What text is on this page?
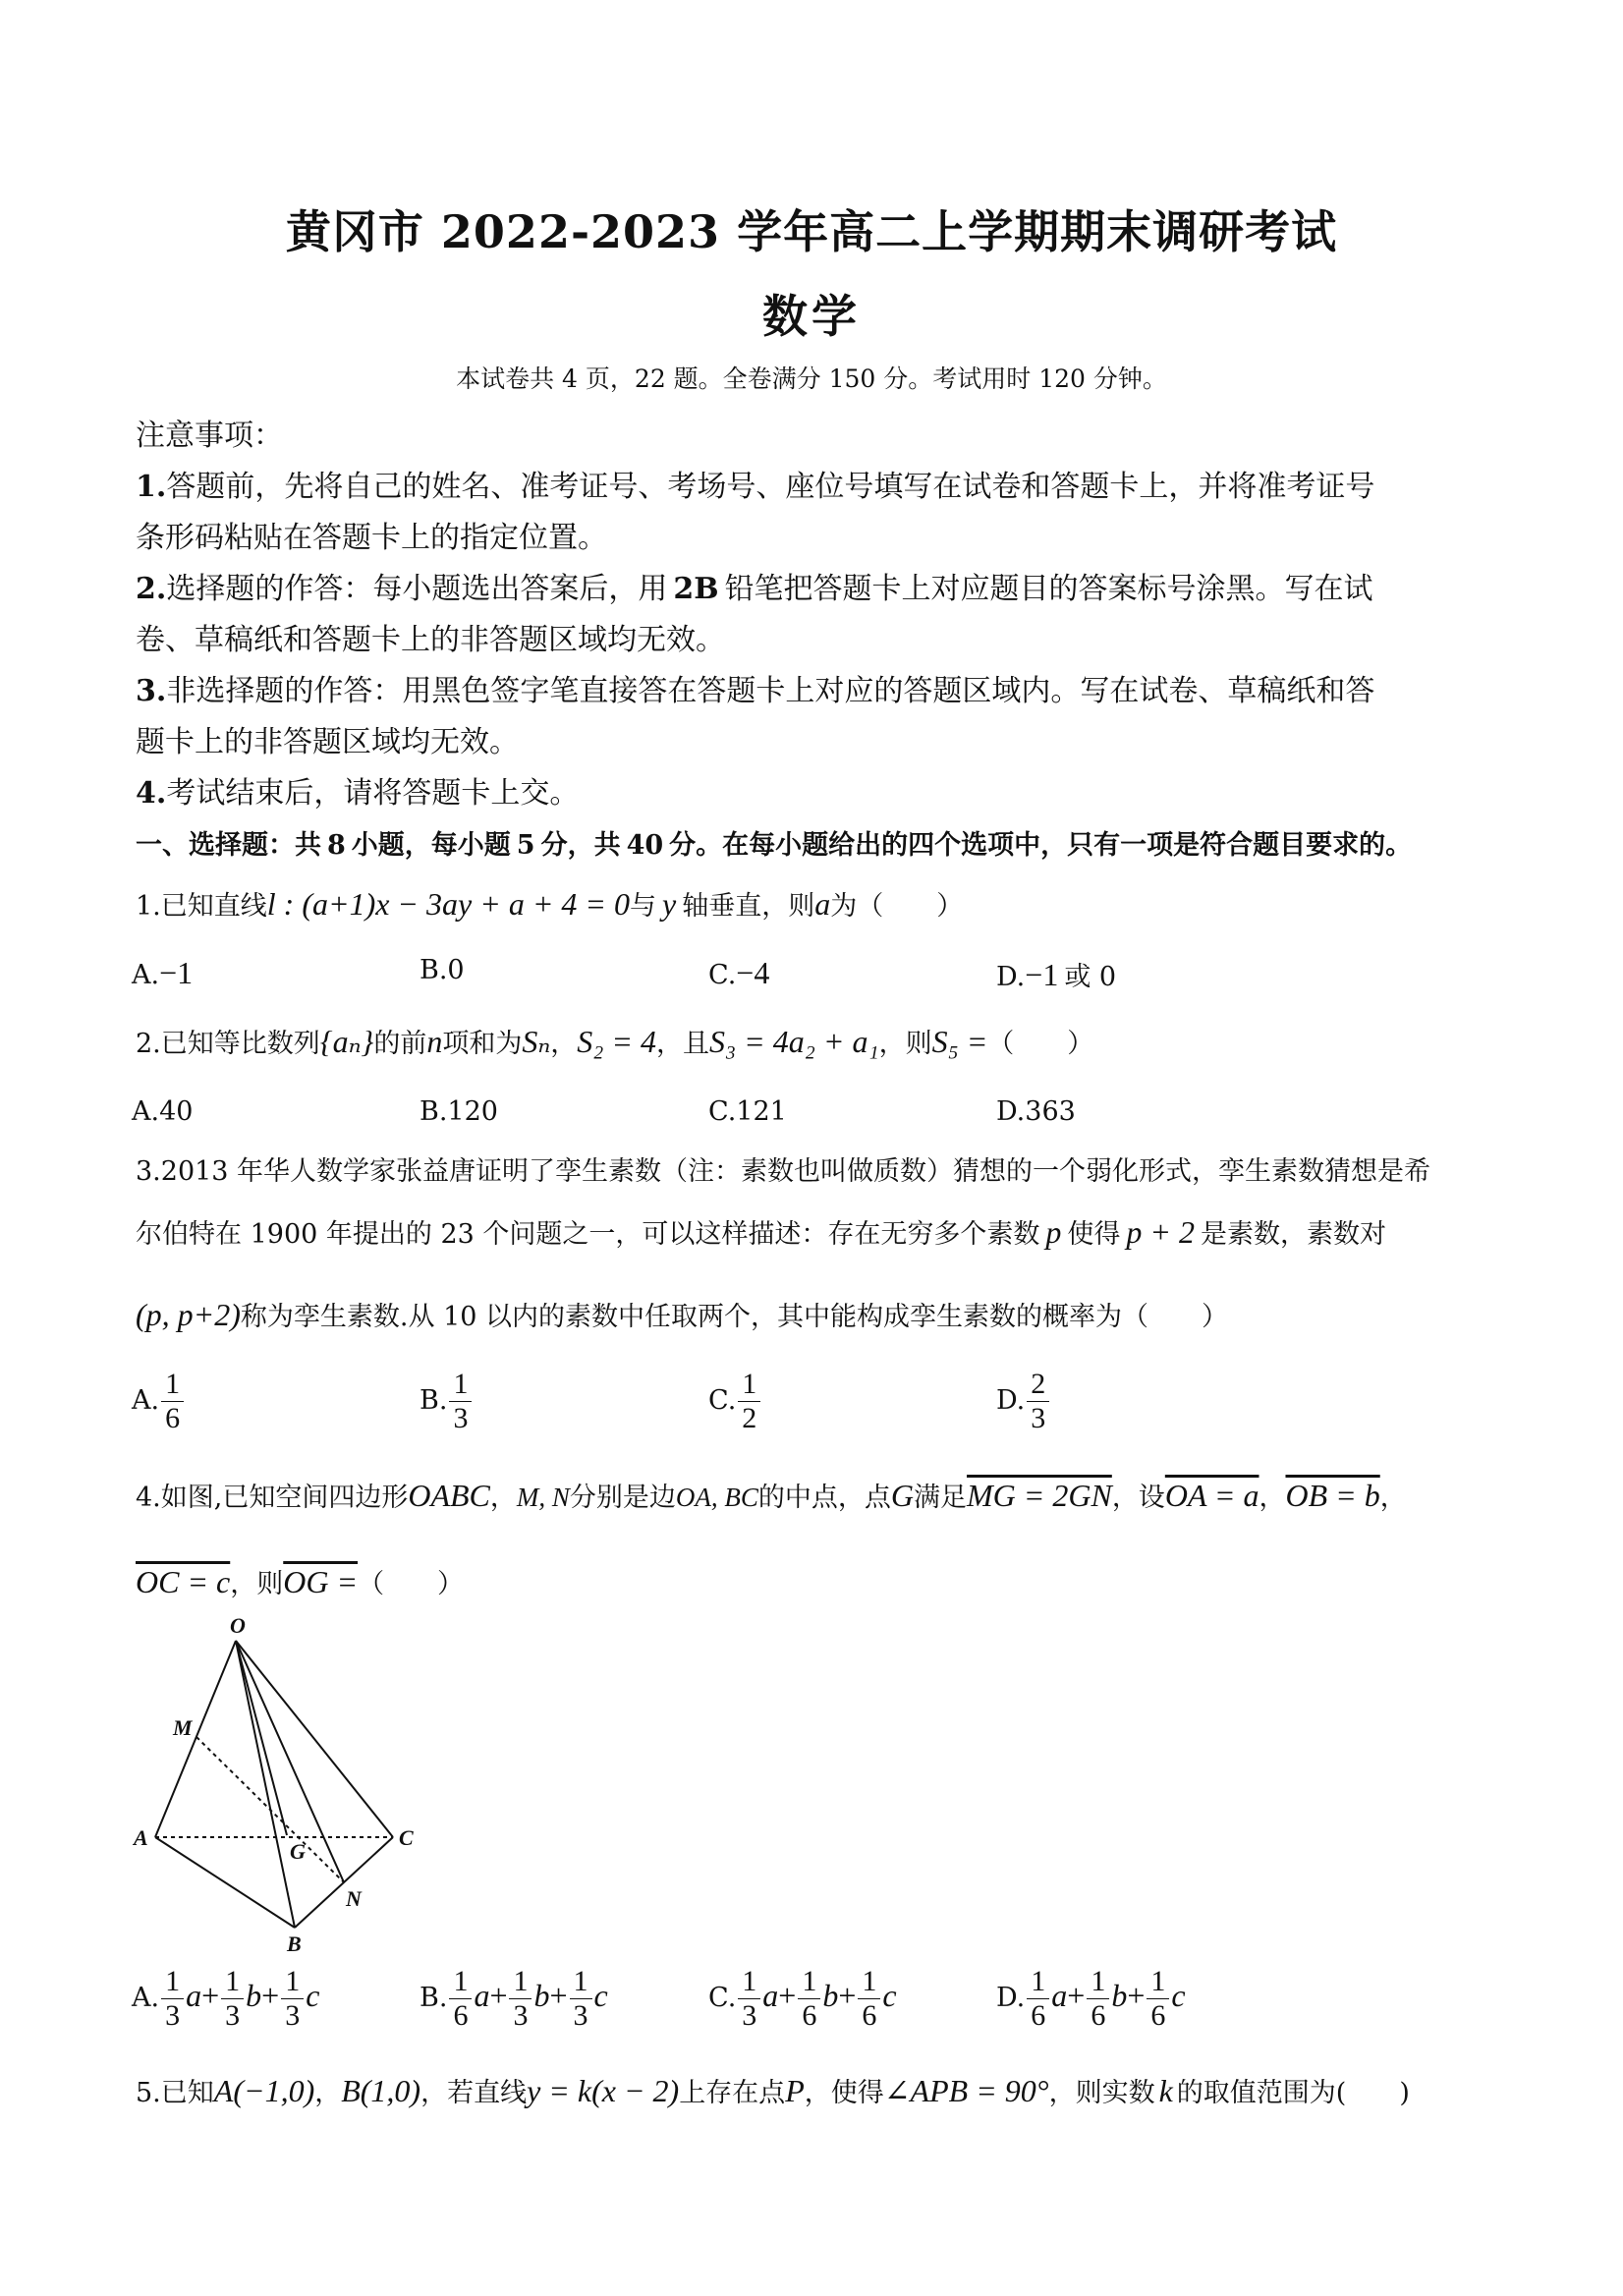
黄冈市 2022-2023 学年高二上学期期末调研考试
数学
本试卷共 4 页，22 题。全卷满分 150 分。考试用时 120 分钟。
注意事项：
1.答题前，先将自己的姓名、准考证号、考场号、座位号填写在试卷和答题卡上，并将准考证号
条形码粘贴在答题卡上的指定位置。
2.选择题的作答：每小题选出答案后，用 2B 铅笔把答题卡上对应题目的答案标号涂黑。写在试
卷、草稿纸和答题卡上的非答题区域均无效。
3.非选择题的作答：用黑色签字笔直接答在答题卡上对应的答题区域内。写在试卷、草稿纸和答
题卡上的非答题区域均无效。
4.考试结束后，请将答题卡上交。
一、选择题：共 8 小题，每小题 5 分，共 40 分。在每小题给出的四个选项中，只有一项是符合题目要求的。
1.已知直线l : (a+1)x − 3ay + a + 4 = 0与 y 轴垂直，则a为（　　）
A.−1	B.0	C.−4	D.−1 或 0
2.已知等比数列{aₙ}的前n项和为Sₙ，S₂ = 4，且S₃ = 4a₂ + a₁，则S₅ =（　　）
A.40	B.120	C.121	D.363
3.2013 年华人数学家张益唐证明了孪生素数（注：素数也叫做质数）猜想的一个弱化形式，孪生素数猜想是希
尔伯特在 1900 年提出的 23 个问题之一，可以这样描述：存在无穷多个素数 p 使得 p + 2 是素数，素数对
(p, p+2)称为孪生素数.从 10 以内的素数中任取两个，其中能构成孪生素数的概率为（　　）
A. $\frac{1}{6}$	B. $\frac{1}{3}$	C. $\frac{1}{2}$	D. $\frac{2}{3}$
4.如图,已知空间四边形OABC，M, N分别是边OA, BC的中点，点G满足MG = 2GN，设OA = a，OB = b，
OC = c，则OG =（　　）
O
M
A
G
C
N
B
A. $\frac{1}{3} a+ \frac{1}{3} b+ \frac{1}{3}$ c	B. $\frac{1}{6} a+ \frac{1}{3} b+ \frac{1}{3}$ c	C. $\frac{1}{3} a+ \frac{1}{6} b+ \frac{1}{6}$ c	D. $\frac{1}{6} a+ \frac{1}{6} b+ \frac{1}{6}$ c
5.已知A(−1,0)，B(1,0)，若直线y = k(x − 2)上存在点P，使得∠APB = 90°，则实数 k 的取值范围为(　　)
